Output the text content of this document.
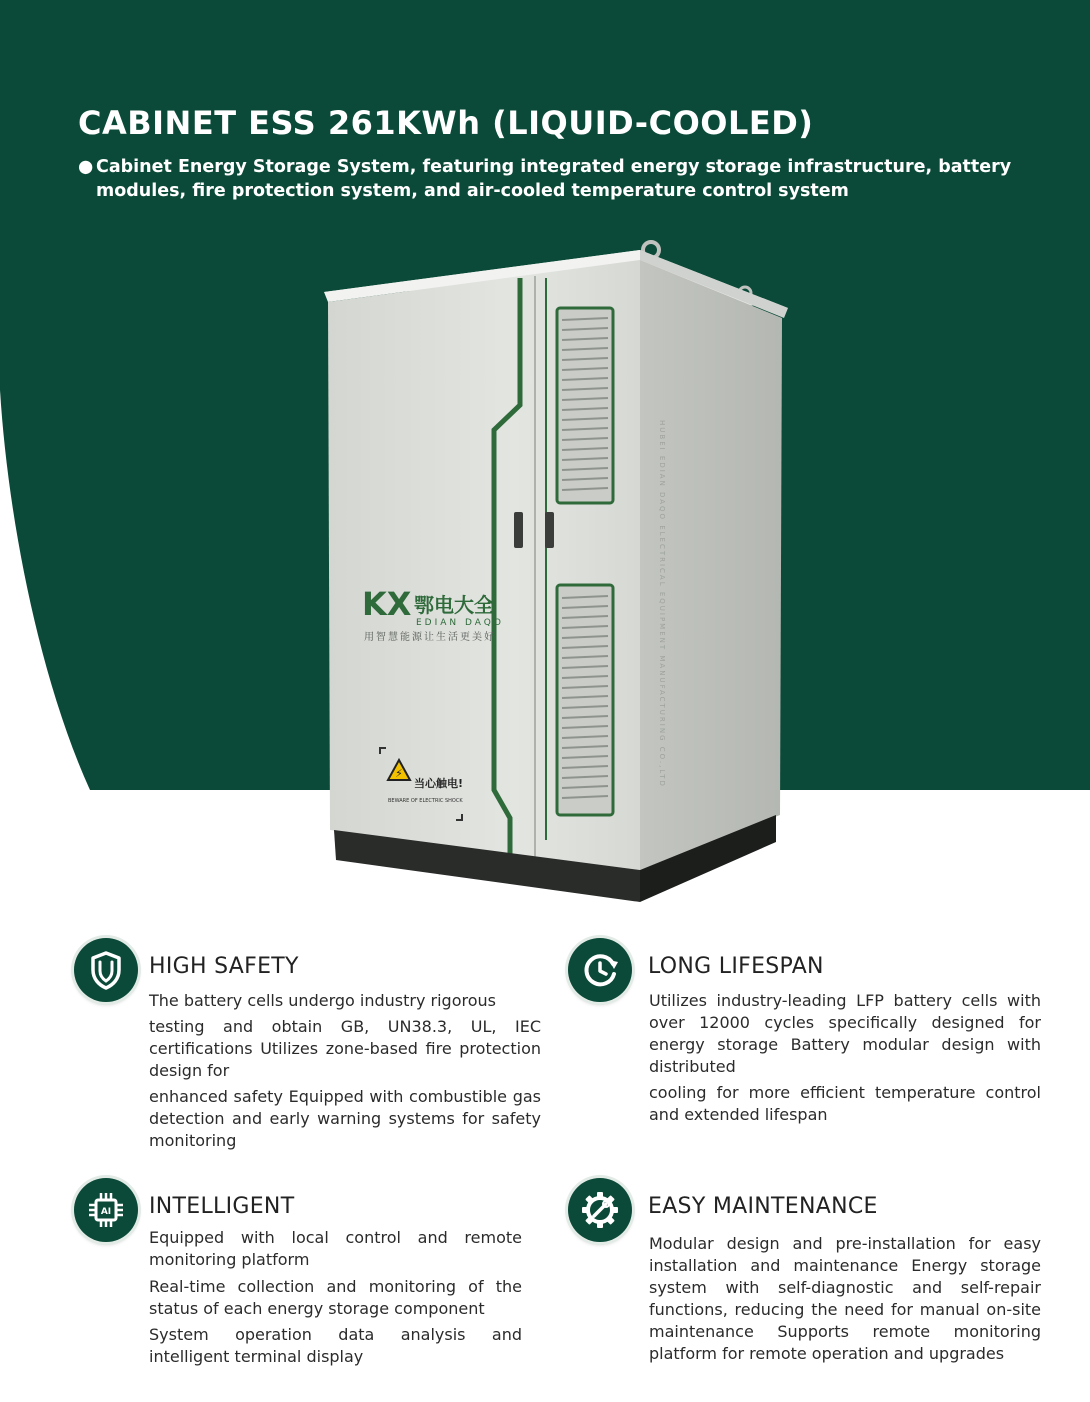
KX 鄂电大全
EDIAN DAQO
用智慧能源让生活更美好
⚡
当心触电!
BEWARE OF ELECTRIC SHOCK
HUBEI EDIAN DAQO ELECTRICAL EQUIPMENT MANUFACTURING CO.,LTD
CABINET ESS 261KWh (LIQUID-COOLED)
● Cabinet Energy Storage System, featuring integrated energy storage infrastructure, battery modules, fire protection system, and air-cooled temperature control system
HIGH SAFETY

The battery cells undergo industry rigorous

testing and obtain GB, UN38.3, UL, IEC certifications Utilizes zone-based fire protection design for

enhanced safety Equipped with combustible gas detection and early warning systems for safety monitoring

LONG LIFESPAN

Utilizes industry-leading LFP battery cells with over 12000 cycles specifically designed for energy storage Battery modular design with distributed

cooling for more efficient temperature control and extended lifespan

AI INTELLIGENT

Equipped with local control and remote monitoring platform

Real-time collection and monitoring of the status of each energy storage component

System operation data analysis and intelligent terminal display

EASY MAINTENANCE

Modular design and pre-installation for easy installation and maintenance Energy storage system with self-diagnostic and self-repair functions, reducing the need for manual on-site maintenance Supports remote monitoring platform for remote operation and upgrades
